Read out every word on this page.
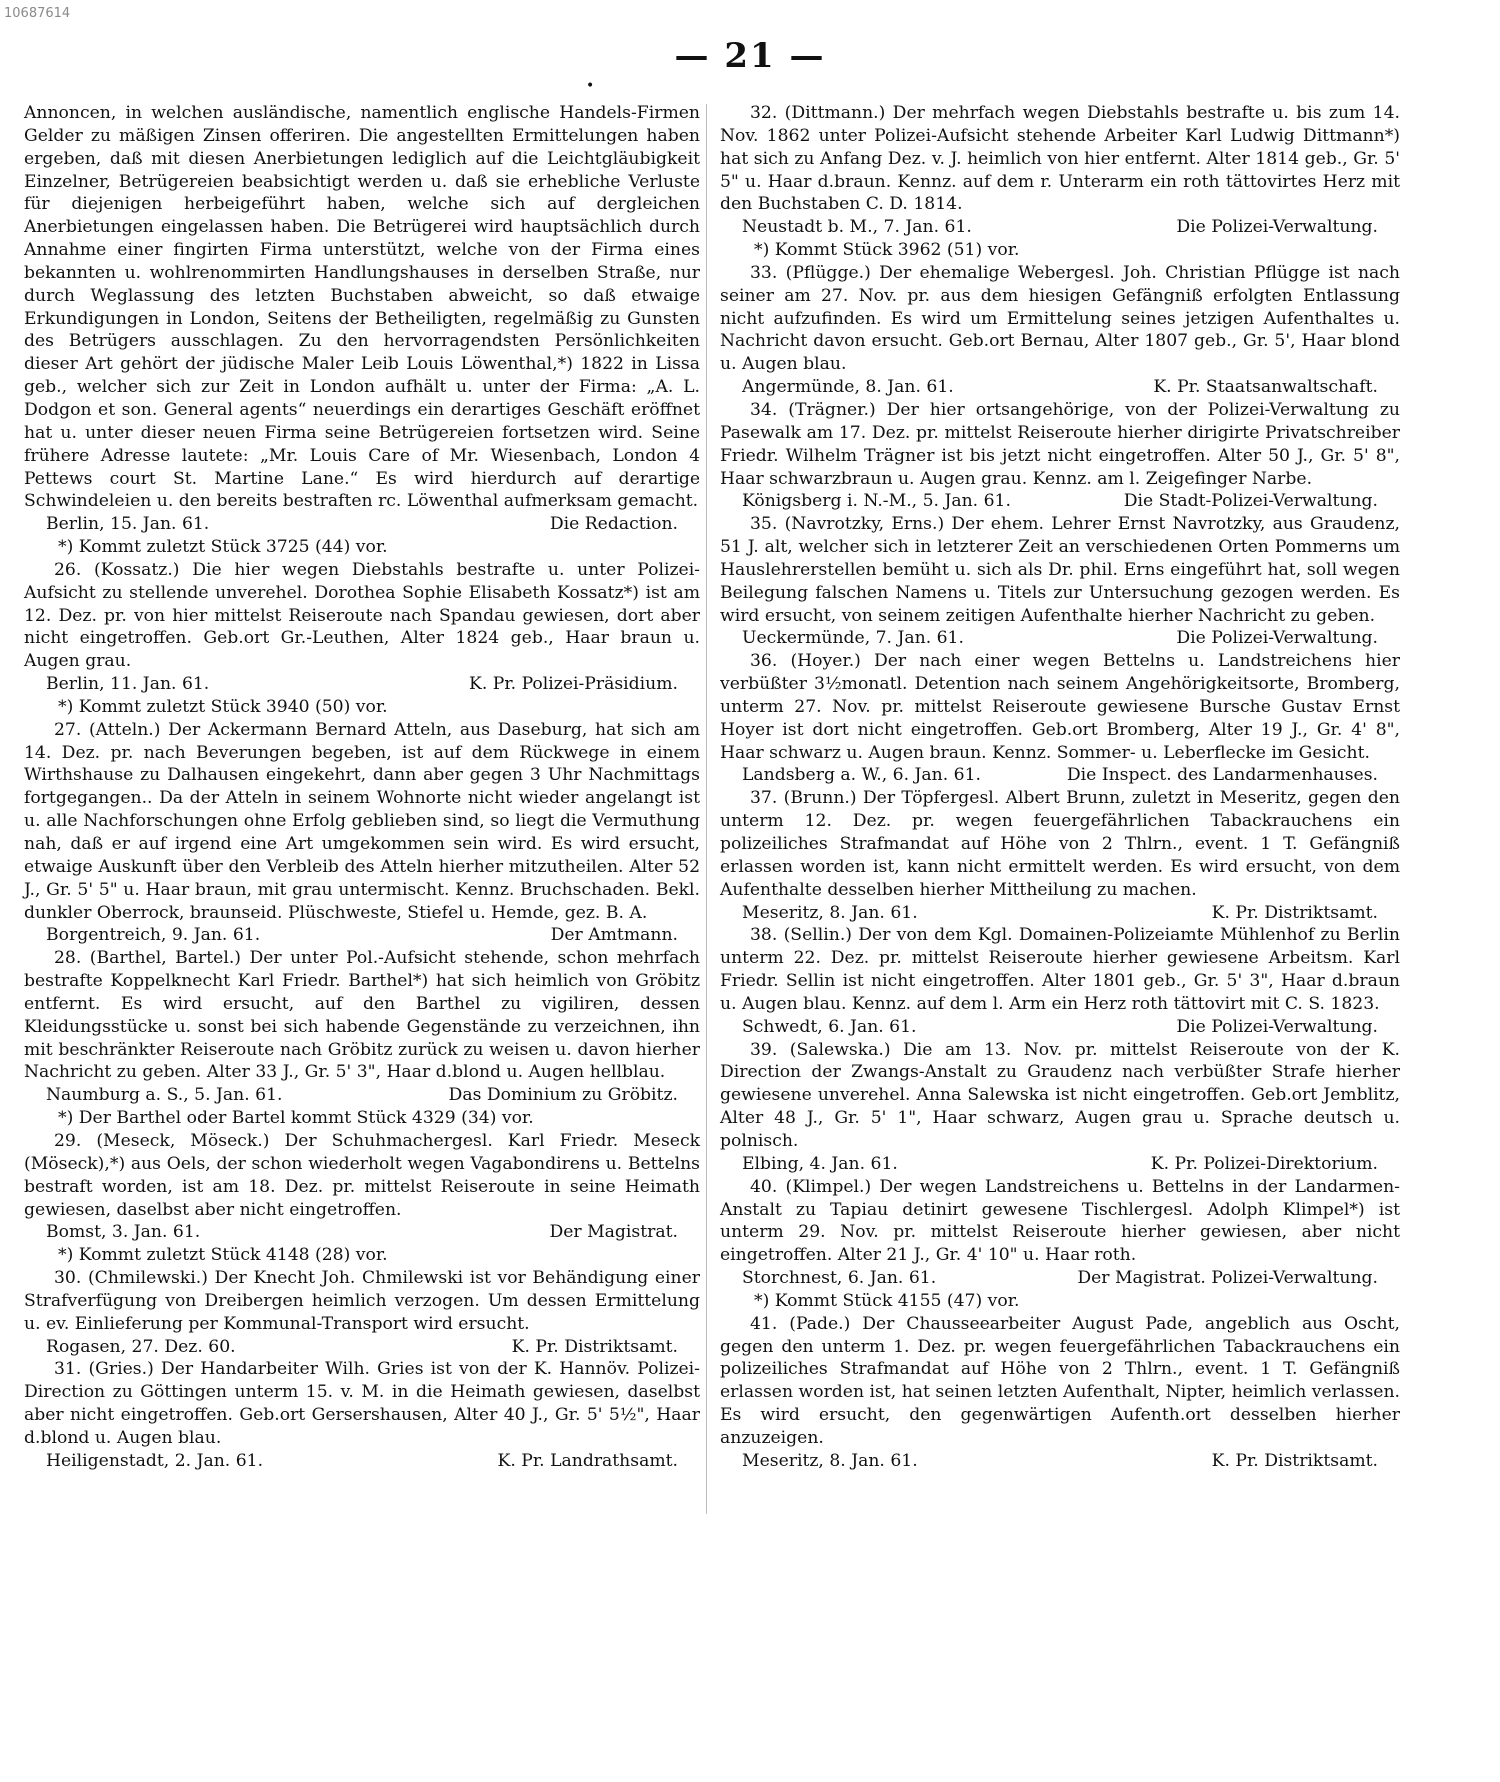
10687614
— 21 —
•

Annoncen, in welchen ausländische, namentlich englische Handels-Firmen Gelder zu mäßigen Zinsen offeriren. Die angestellten Ermittelungen haben ergeben, daß mit diesen Anerbietungen lediglich auf die Leichtgläubigkeit Einzelner, Betrügereien beabsichtigt werden u. daß sie erhebliche Verluste für diejenigen herbeigeführt haben, welche sich auf dergleichen Anerbietungen eingelassen haben. Die Betrügerei wird hauptsächlich durch Annahme einer fingirten Firma unterstützt, welche von der Firma eines bekannten u. wohlrenommirten Handlungshauses in derselben Straße, nur durch Weglassung des letzten Buchstaben abweicht, so daß etwaige Erkundigungen in London, Seitens der Betheiligten, regelmäßig zu Gunsten des Betrügers ausschlagen. Zu den hervorragendsten Persönlichkeiten dieser Art gehört der jüdische Maler Leib Louis Löwenthal,*) 1822 in Lissa geb., welcher sich zur Zeit in London aufhält u. unter der Firma: „A. L. Dodgon et son. General agents“ neuerdings ein derartiges Geschäft eröffnet hat u. unter dieser neuen Firma seine Betrügereien fortsetzen wird. Seine frühere Adresse lautete: „Mr. Louis Care of Mr. Wiesenbach, London 4 Pettews court St. Martine Lane.“ Es wird hierdurch auf derartige Schwindeleien u. den bereits bestraften rc. Löwenthal aufmerksam gemacht.

Berlin, 15. Jan. 61.	Die Redaction.

*) Kommt zuletzt Stück 3725 (44) vor.

26. (Kossatz.) Die hier wegen Diebstahls bestrafte u. unter Polizei-Aufsicht zu stellende unverehel. Dorothea Sophie Elisabeth Kossatz*) ist am 12. Dez. pr. von hier mittelst Reiseroute nach Spandau gewiesen, dort aber nicht eingetroffen. Geb.ort Gr.-Leuthen, Alter 1824 geb., Haar braun u. Augen grau.

Berlin, 11. Jan. 61.	K. Pr. Polizei-Präsidium.

*) Kommt zuletzt Stück 3940 (50) vor.

27. (Atteln.) Der Ackermann Bernard Atteln, aus Daseburg, hat sich am 14. Dez. pr. nach Beverungen begeben, ist auf dem Rückwege in einem Wirthshause zu Dalhausen eingekehrt, dann aber gegen 3 Uhr Nachmittags fortgegangen.. Da der Atteln in seinem Wohnorte nicht wieder angelangt ist u. alle Nachforschungen ohne Erfolg geblieben sind, so liegt die Vermuthung nah, daß er auf irgend eine Art umgekommen sein wird. Es wird ersucht, etwaige Auskunft über den Verbleib des Atteln hierher mitzutheilen. Alter 52 J., Gr. 5' 5" u. Haar braun, mit grau untermischt. Kennz. Bruchschaden. Bekl. dunkler Oberrock, braunseid. Plüschweste, Stiefel u. Hemde, gez. B. A.

Borgentreich, 9. Jan. 61.	Der Amtmann.

28. (Barthel, Bartel.) Der unter Pol.-Aufsicht stehende, schon mehrfach bestrafte Koppelknecht Karl Friedr. Barthel*) hat sich heimlich von Gröbitz entfernt. Es wird ersucht, auf den Barthel zu vigiliren, dessen Kleidungsstücke u. sonst bei sich habende Gegenstände zu verzeichnen, ihn mit beschränkter Reiseroute nach Gröbitz zurück zu weisen u. davon hierher Nachricht zu geben. Alter 33 J., Gr. 5' 3", Haar d.blond u. Augen hellblau.

Naumburg a. S., 5. Jan. 61.	Das Dominium zu Gröbitz.

*) Der Barthel oder Bartel kommt Stück 4329 (34) vor.

29. (Meseck, Möseck.) Der Schuhmachergesl. Karl Friedr. Meseck (Möseck),*) aus Oels, der schon wiederholt wegen Vagabondirens u. Bettelns bestraft worden, ist am 18. Dez. pr. mittelst Reiseroute in seine Heimath gewiesen, daselbst aber nicht eingetroffen.

Bomst, 3. Jan. 61.	Der Magistrat.

*) Kommt zuletzt Stück 4148 (28) vor.

30. (Chmilewski.) Der Knecht Joh. Chmilewski ist vor Behändigung einer Strafverfügung von Dreibergen heimlich verzogen. Um dessen Ermittelung u. ev. Einlieferung per Kommunal-Transport wird ersucht.

Rogasen, 27. Dez. 60.	K. Pr. Distriktsamt.

31. (Gries.) Der Handarbeiter Wilh. Gries ist von der K. Hannöv. Polizei-Direction zu Göttingen unterm 15. v. M. in die Heimath gewiesen, daselbst aber nicht eingetroffen. Geb.ort Gersershausen, Alter 40 J., Gr. 5' 5½", Haar d.blond u. Augen blau.

Heiligenstadt, 2. Jan. 61.	K. Pr. Landrathsamt.

32. (Dittmann.) Der mehrfach wegen Diebstahls bestrafte u. bis zum 14. Nov. 1862 unter Polizei-Aufsicht stehende Arbeiter Karl Ludwig Dittmann*) hat sich zu Anfang Dez. v. J. heimlich von hier entfernt. Alter 1814 geb., Gr. 5' 5" u. Haar d.braun. Kennz. auf dem r. Unterarm ein roth tättovirtes Herz mit den Buchstaben C. D. 1814.

Neustadt b. M., 7. Jan. 61.	Die Polizei-Verwaltung.

*) Kommt Stück 3962 (51) vor.

33. (Pflügge.) Der ehemalige Webergesl. Joh. Christian Pflügge ist nach seiner am 27. Nov. pr. aus dem hiesigen Gefängniß erfolgten Entlassung nicht aufzufinden. Es wird um Ermittelung seines jetzigen Aufenthaltes u. Nachricht davon ersucht. Geb.ort Bernau, Alter 1807 geb., Gr. 5', Haar blond u. Augen blau.

Angermünde, 8. Jan. 61.	K. Pr. Staatsanwaltschaft.

34. (Trägner.) Der hier ortsangehörige, von der Polizei-Verwaltung zu Pasewalk am 17. Dez. pr. mittelst Reiseroute hierher dirigirte Privatschreiber Friedr. Wilhelm Trägner ist bis jetzt nicht eingetroffen. Alter 50 J., Gr. 5' 8", Haar schwarzbraun u. Augen grau. Kennz. am l. Zeigefinger Narbe.

Königsberg i. N.-M., 5. Jan. 61.	Die Stadt-Polizei-Verwaltung.

35. (Navrotzky, Erns.) Der ehem. Lehrer Ernst Navrotzky, aus Graudenz, 51 J. alt, welcher sich in letzterer Zeit an verschiedenen Orten Pommerns um Hauslehrerstellen bemüht u. sich als Dr. phil. Erns eingeführt hat, soll wegen Beilegung falschen Namens u. Titels zur Untersuchung gezogen werden. Es wird ersucht, von seinem zeitigen Aufenthalte hierher Nachricht zu geben.

Ueckermünde, 7. Jan. 61.	Die Polizei-Verwaltung.

36. (Hoyer.) Der nach einer wegen Bettelns u. Landstreichens hier verbüßter 3½monatl. Detention nach seinem Angehörigkeitsorte, Bromberg, unterm 27. Nov. pr. mittelst Reiseroute gewiesene Bursche Gustav Ernst Hoyer ist dort nicht eingetroffen. Geb.ort Bromberg, Alter 19 J., Gr. 4' 8", Haar schwarz u. Augen braun. Kennz. Sommer- u. Leberflecke im Gesicht.

Landsberg a. W., 6. Jan. 61.	Die Inspect. des Landarmenhauses.

37. (Brunn.) Der Töpfergesl. Albert Brunn, zuletzt in Meseritz, gegen den unterm 12. Dez. pr. wegen feuergefährlichen Tabackrauchens ein polizeiliches Strafmandat auf Höhe von 2 Thlrn., event. 1 T. Gefängniß erlassen worden ist, kann nicht ermittelt werden. Es wird ersucht, von dem Aufenthalte desselben hierher Mittheilung zu machen.

Meseritz, 8. Jan. 61.	K. Pr. Distriktsamt.

38. (Sellin.) Der von dem Kgl. Domainen-Polizeiamte Mühlenhof zu Berlin unterm 22. Dez. pr. mittelst Reiseroute hierher gewiesene Arbeitsm. Karl Friedr. Sellin ist nicht eingetroffen. Alter 1801 geb., Gr. 5' 3", Haar d.braun u. Augen blau. Kennz. auf dem l. Arm ein Herz roth tättovirt mit C. S. 1823.

Schwedt, 6. Jan. 61.	Die Polizei-Verwaltung.

39. (Salewska.) Die am 13. Nov. pr. mittelst Reiseroute von der K. Direction der Zwangs-Anstalt zu Graudenz nach verbüßter Strafe hierher gewiesene unverehel. Anna Salewska ist nicht eingetroffen. Geb.ort Jemblitz, Alter 48 J., Gr. 5' 1", Haar schwarz, Augen grau u. Sprache deutsch u. polnisch.

Elbing, 4. Jan. 61.	K. Pr. Polizei-Direktorium.

40. (Klimpel.) Der wegen Landstreichens u. Bettelns in der Landarmen-Anstalt zu Tapiau detinirt gewesene Tischlergesl. Adolph Klimpel*) ist unterm 29. Nov. pr. mittelst Reiseroute hierher gewiesen, aber nicht eingetroffen. Alter 21 J., Gr. 4' 10" u. Haar roth.

Storchnest, 6. Jan. 61.	Der Magistrat. Polizei-Verwaltung.

*) Kommt Stück 4155 (47) vor.

41. (Pade.) Der Chausseearbeiter August Pade, angeblich aus Oscht, gegen den unterm 1. Dez. pr. wegen feuergefährlichen Tabackrauchens ein polizeiliches Strafmandat auf Höhe von 2 Thlrn., event. 1 T. Gefängniß erlassen worden ist, hat seinen letzten Aufenthalt, Nipter, heimlich verlassen. Es wird ersucht, den gegenwärtigen Aufenth.ort desselben hierher anzuzeigen.

Meseritz, 8. Jan. 61.	K. Pr. Distriktsamt.
